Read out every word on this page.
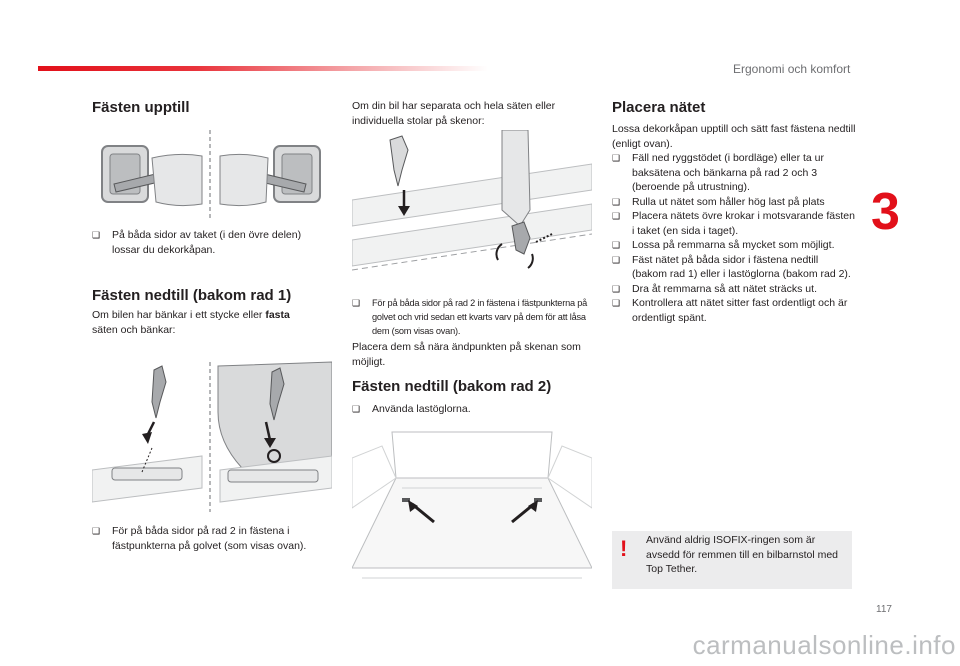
Ergonomi och komfort
3
Fästen upptill
❑	På båda sidor av taket (i den övre delen) lossar du dekorkåpan.
Fästen nedtill (bakom rad 1)
Om bilen har bänkar i ett stycke eller fasta
säten och bänkar:
❑	För på båda sidor på rad 2 in fästena i fästpunkterna på golvet (som visas ovan).
Om din bil har separata och hela säten eller individuella stolar på skenor:
❑	För på båda sidor på rad 2 in fästena i fästpunkterna på golvet och vrid sedan ett kvarts varv på dem för att låsa dem (som visas ovan).
Placera dem så nära ändpunkten på skenan som möjligt.
Fästen nedtill (bakom rad 2)
❑	Använda lastöglorna.
Placera nätet
Lossa dekorkåpan upptill och sätt fast fästena nedtill (enligt ovan).
❑	Fäll ned ryggstödet (i bordläge) eller ta ur baksätena och bänkarna på rad 2 och 3 (beroende på utrustning).
❑	Rulla ut nätet som håller hög last på plats
❑	Placera nätets övre krokar i motsvarande fästen i taket (en sida i taget).
❑	Lossa på remmarna så mycket som möjligt.
❑	Fäst nätet på båda sidor i fästena nedtill (bakom rad 1) eller i lastöglorna (bakom rad 2).
❑	Dra åt remmarna så att nätet sträcks ut.
❑	Kontrollera att nätet sitter fast ordentligt och är ordentligt spänt.
! Använd aldrig ISOFIX-ringen som är avsedd för remmen till en bilbarnstol med Top Tether.
117
carmanualsonline.info
